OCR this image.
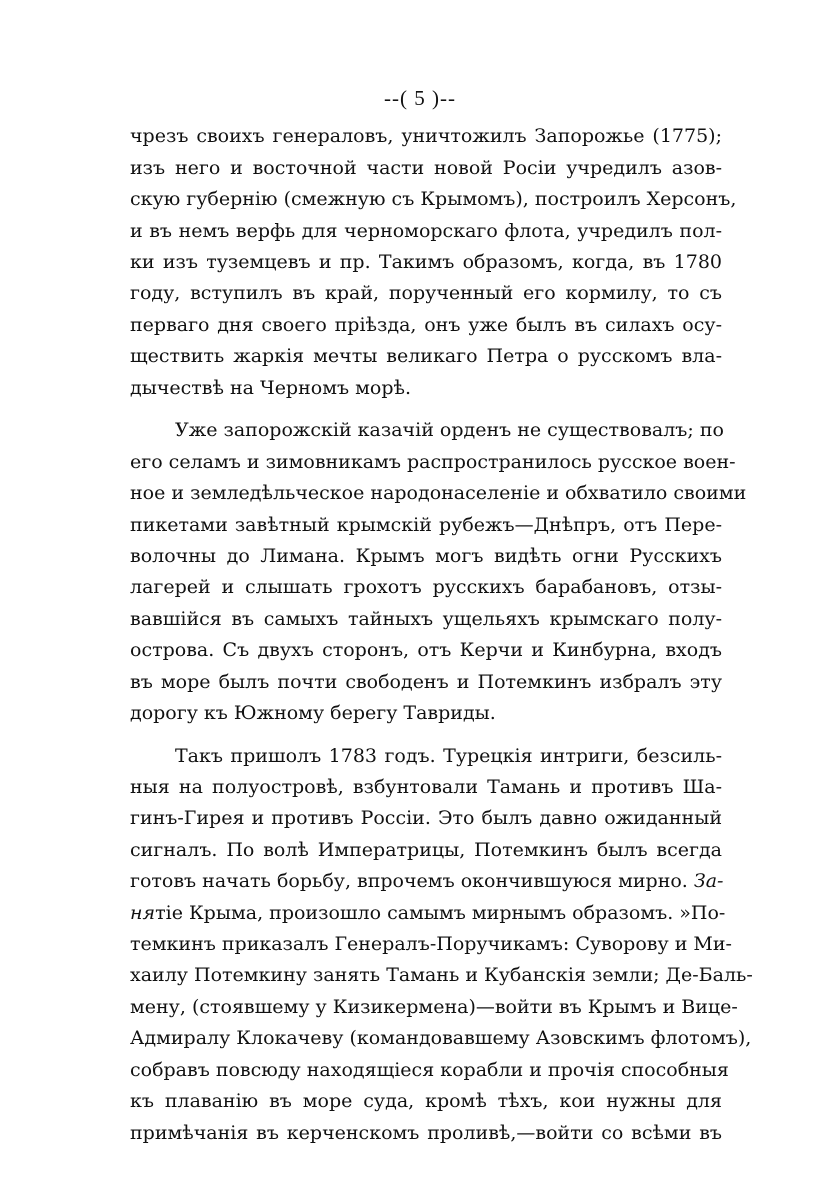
--( 5 )--
чрезъ своихъ генераловъ, уничтожилъ Запорожье (1775);
изъ него и восточной части новой Росiи учредилъ азов-
скую губернiю (смежную съ Крымомъ), построилъ Херсонъ,
и въ немъ верфь для черноморскаго флота, учредилъ пол-
ки изъ туземцевъ и пр. Такимъ образомъ, когда, въ 1780
году, вступилъ въ край, порученный его кормилу, то съ
перваго дня своего прiѣзда, онъ уже былъ въ силахъ осу-
ществить жаркiя мечты великаго Петра о русскомъ вла-
дычествѣ на Черномъ морѣ.
Уже запорожскiй казачiй орденъ не существовалъ; по
его селамъ и зимовникамъ распространилось русское воен-
ное и земледѣльческое народонаселенiе и обхватило своими
пикетами завѣтный крымскiй рубежъ—Днѣпръ, отъ Пере-
волочны до Лимана. Крымъ могъ видѣть огни Русскихъ
лагерей и слышать грохотъ русскихъ барабановъ, отзы-
вавшiйся въ самыхъ тайныхъ ущельяхъ крымскаго полу-
острова. Съ двухъ сторонъ, отъ Керчи и Кинбурна, входъ
въ море былъ почти свободенъ и Потемкинъ избралъ эту
дорогу къ Южному берегу Тавриды.
Такъ пришолъ 1783 годъ. Турецкiя интриги, безсиль-
ныя на полуостровѣ, взбунтовали Тамань и противъ Ша-
гинъ-Гирея и противъ Россiи. Это былъ давно ожиданный
сигналъ. По волѣ Императрицы, Потемкинъ былъ всегда
готовъ начать борьбу, впрочемъ окончившуюся мирно. За-
нятiе Крыма, произошло самымъ мирнымъ образомъ. »По-
темкинъ приказалъ Генералъ-Поручикамъ: Суворову и Ми-
хаилу Потемкину занять Тамань и Кубанскiя земли; Де-Баль-
мену, (стоявшему у Кизикермена)—войти въ Крымъ и Вице-
Адмиралу Клокачеву (командовавшему Азовскимъ флотомъ),
собравъ повсюду находящiеся корабли и прочiя способныя
къ плаванiю въ море суда, кромѣ тѣхъ, кои нужны для
примѣчанiя въ керченскомъ проливѣ,—войти со всѣми въ
